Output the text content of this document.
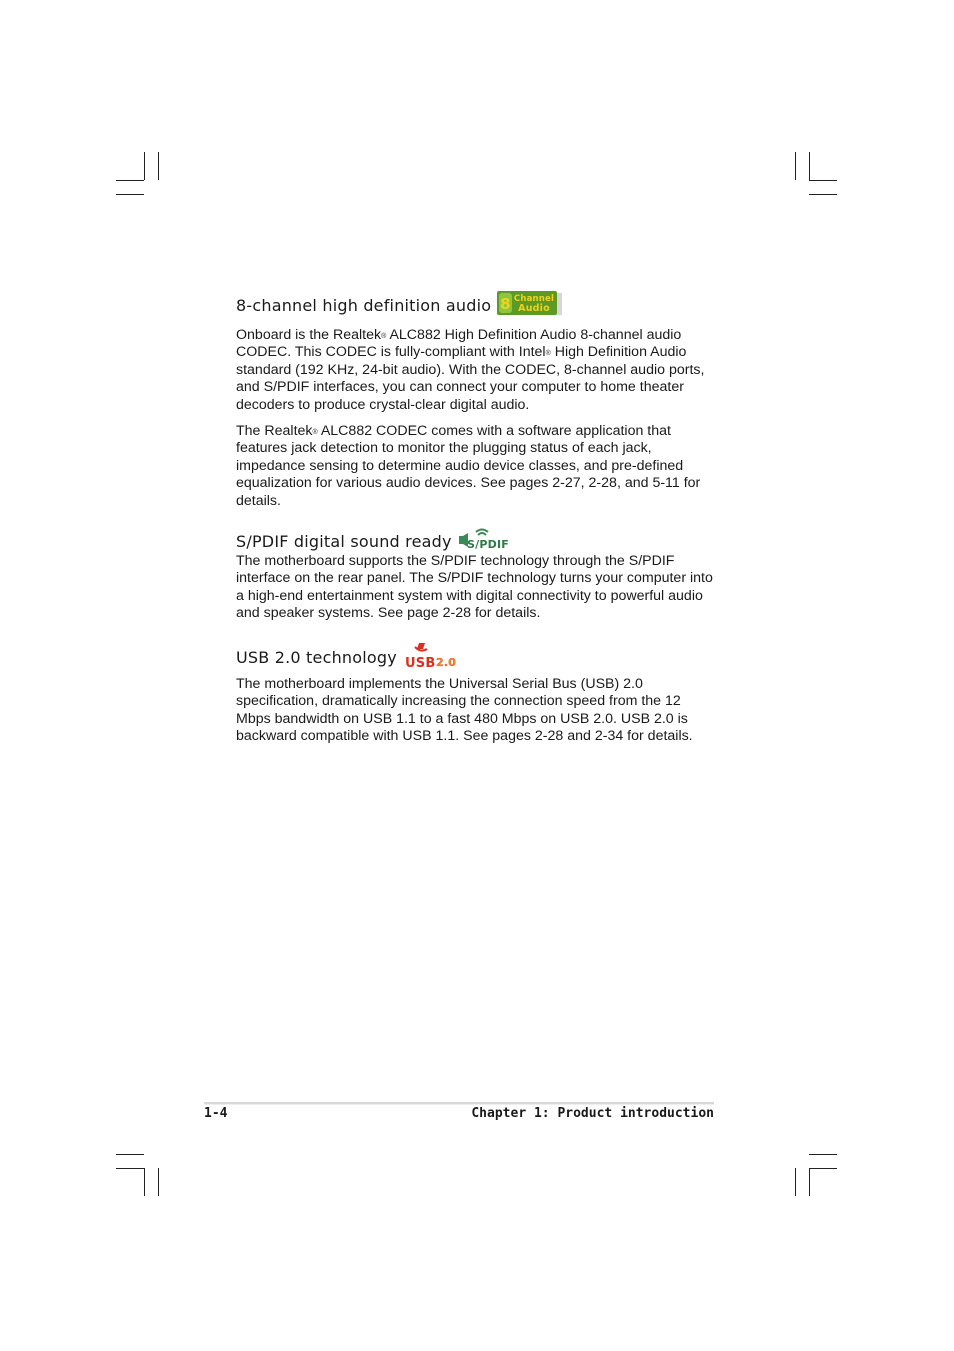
8-channel high definition audio 8 Channel
Audio

Onboard is the Realtek® ALC882 High Definition Audio 8-channel audio CODEC. This CODEC is fully-compliant with Intel® High Definition Audio standard (192 KHz, 24-bit audio). With the CODEC, 8-channel audio ports, and S/PDIF interfaces, you can connect your computer to home theater decoders to produce crystal-clear digital audio.

The Realtek® ALC882 CODEC comes with a software application that features jack detection to monitor the plugging status of each jack, impedance sensing to determine audio device classes, and pre-defined equalization for various audio devices. See pages 2-27, 2-28, and 5-11 for details.

S/PDIF digital sound ready S/PDIF

The motherboard supports the S/PDIF technology through the S/PDIF interface on the rear panel. The S/PDIF technology turns your computer into a high-end entertainment system with digital connectivity to powerful audio and speaker systems. See page 2-28 for details.

USB 2.0 technology USB 2.0

The motherboard implements the Universal Serial Bus (USB) 2.0 specification, dramatically increasing the connection speed from the 12 Mbps bandwidth on USB 1.1 to a fast 480 Mbps on USB 2.0. USB 2.0 is backward compatible with USB 1.1. See pages 2-28 and 2-34 for details.

1-4	Chapter 1: Product introduction
